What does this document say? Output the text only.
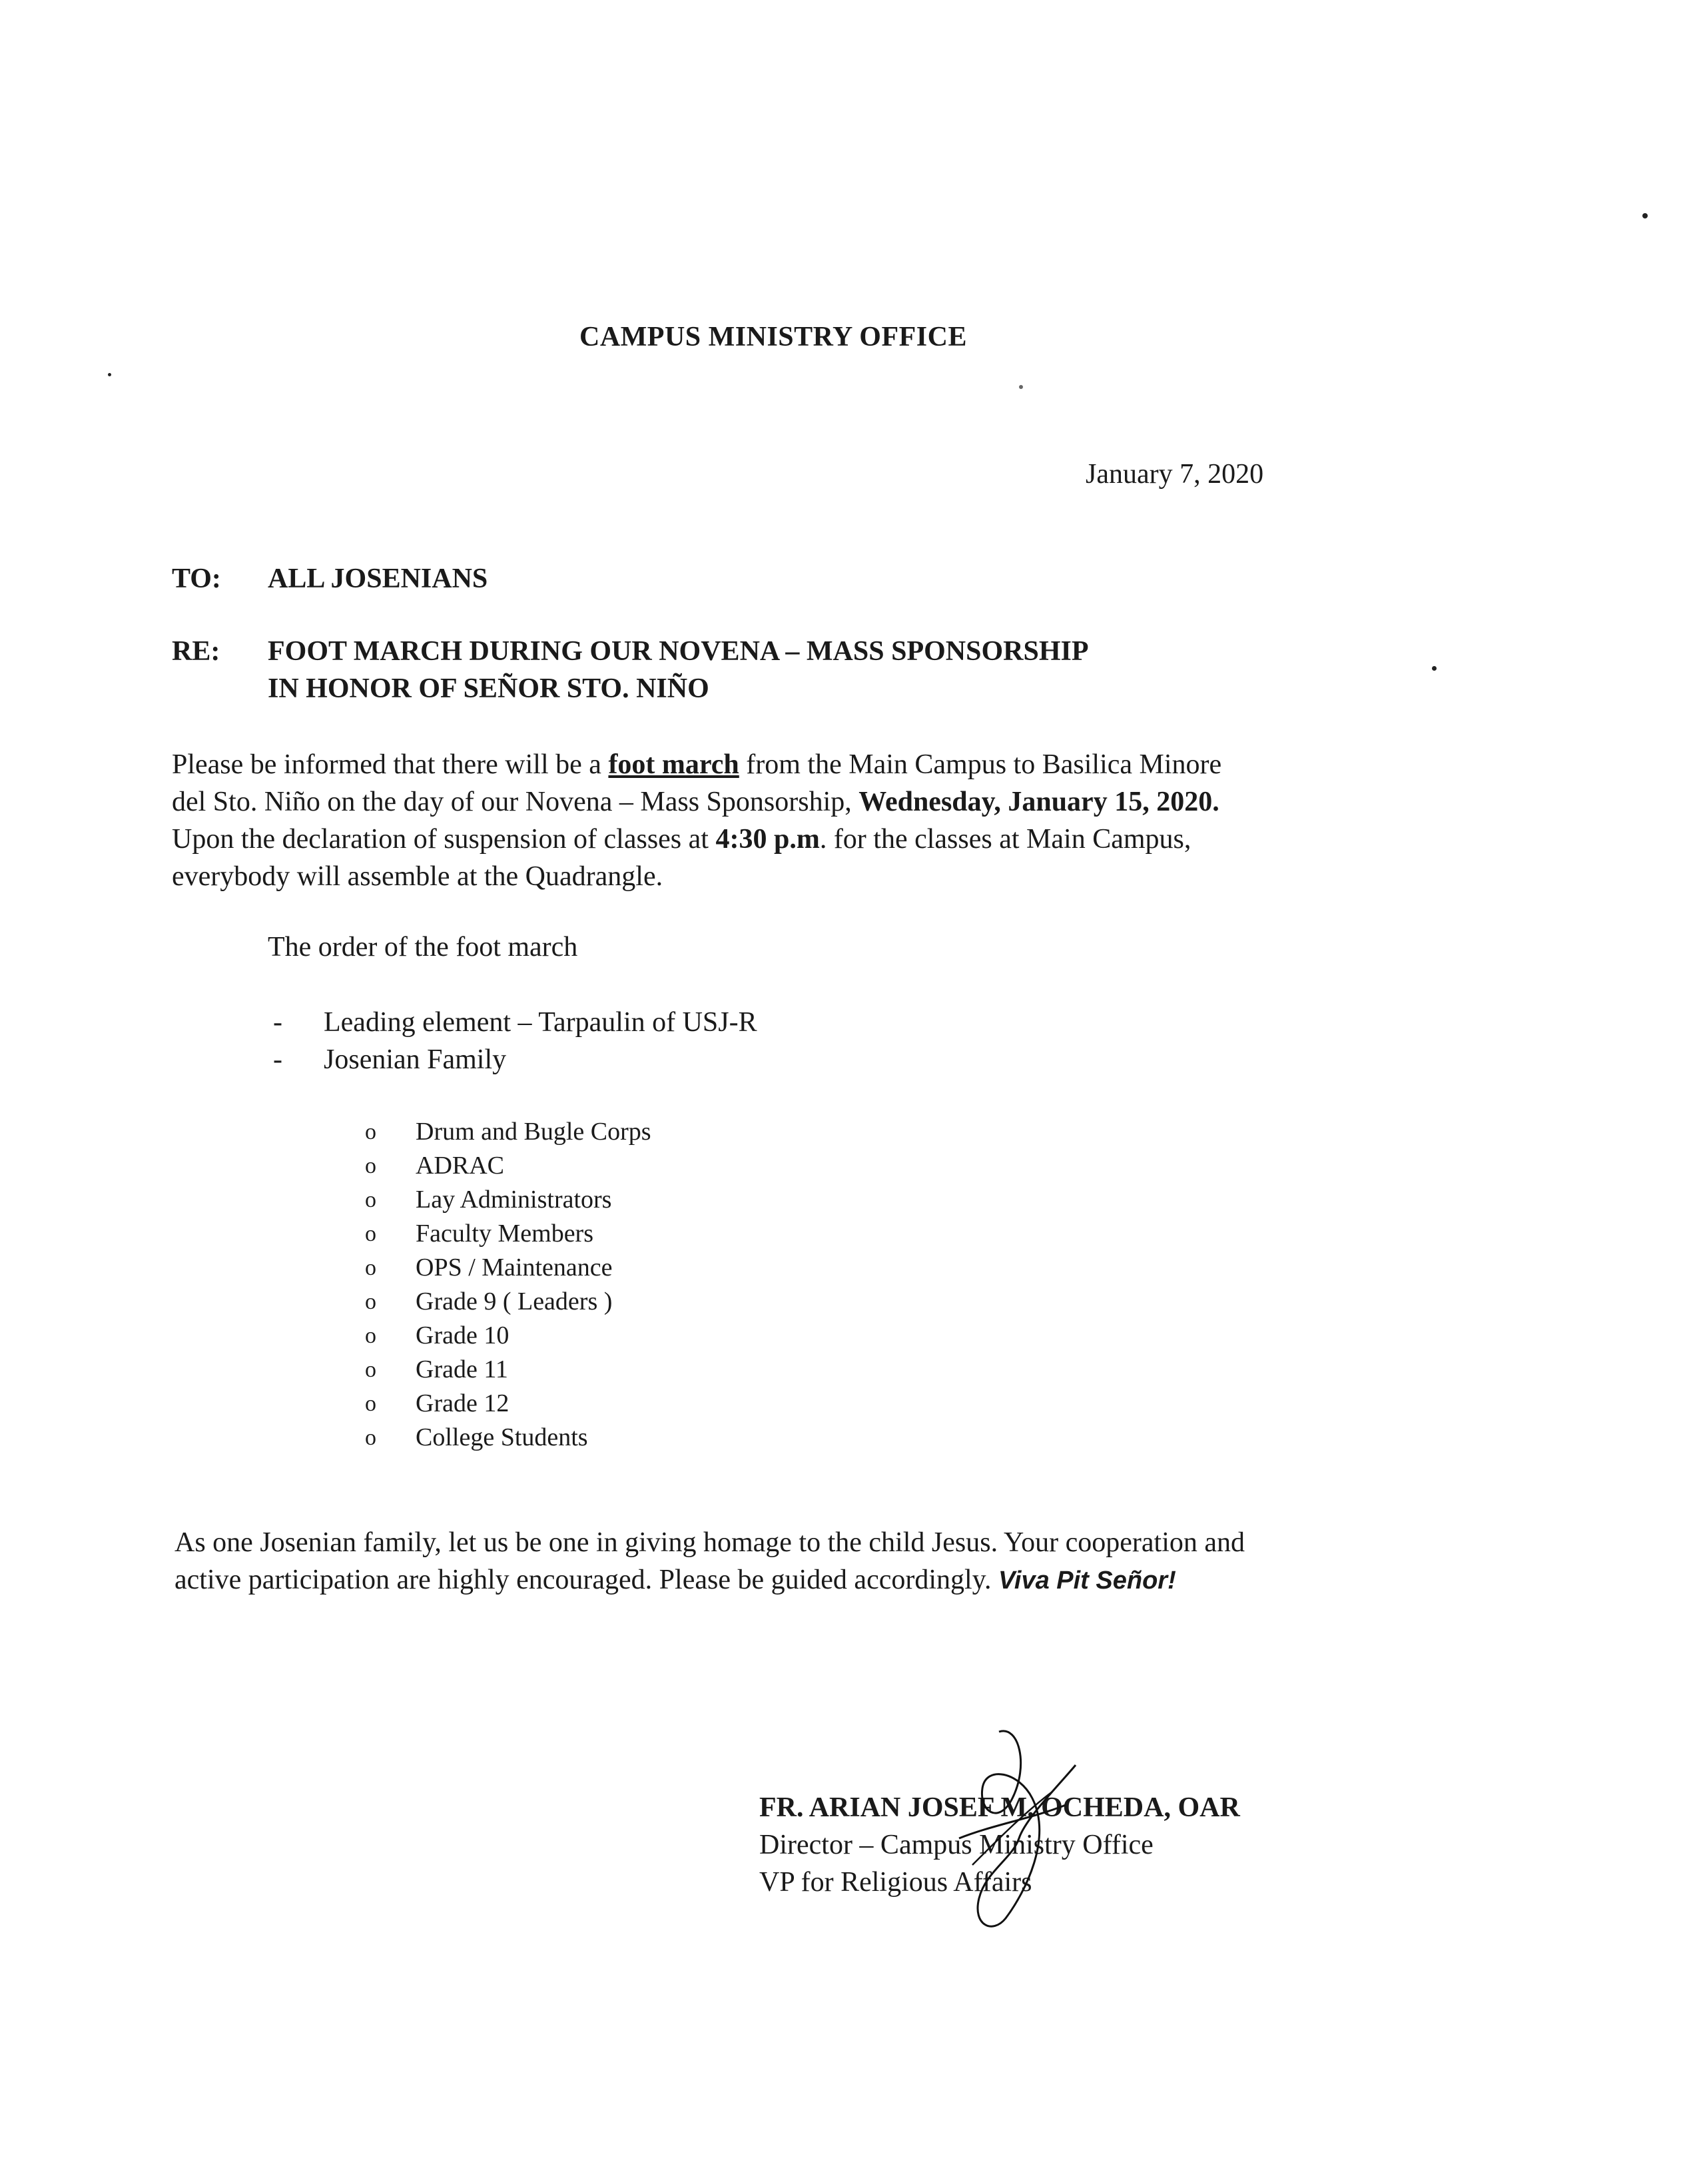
CAMPUS MINISTRY OFFICE
January 7, 2020
TO: ALL JOSENIANS
RE: FOOT MARCH DURING OUR NOVENA – MASS SPONSORSHIP
IN HONOR OF SEÑOR STO. NIÑO
Please be informed that there will be a foot march from the Main Campus to Basilica Minore
del Sto. Niño on the day of our Novena – Mass Sponsorship, Wednesday, January 15, 2020.
Upon the declaration of suspension of classes at 4:30 p.m. for the classes at Main Campus,
everybody will assemble at the Quadrangle.
The order of the foot march
-	Leading element – Tarpaulin of USJ-R
-	Josenian Family
o	Drum and Bugle Corps
o	ADRAC
o	Lay Administrators
o	Faculty Members
o	OPS / Maintenance
o	Grade 9 ( Leaders )
o	Grade 10
o	Grade 11
o	Grade 12
o	College Students
As one Josenian family, let us be one in giving homage to the child Jesus. Your cooperation and
active participation are highly encouraged. Please be guided accordingly. Viva Pit Señor!
FR. ARIAN JOSEF M. OCHEDA, OAR
Director – Campus Ministry Office
VP for Religious Affairs
